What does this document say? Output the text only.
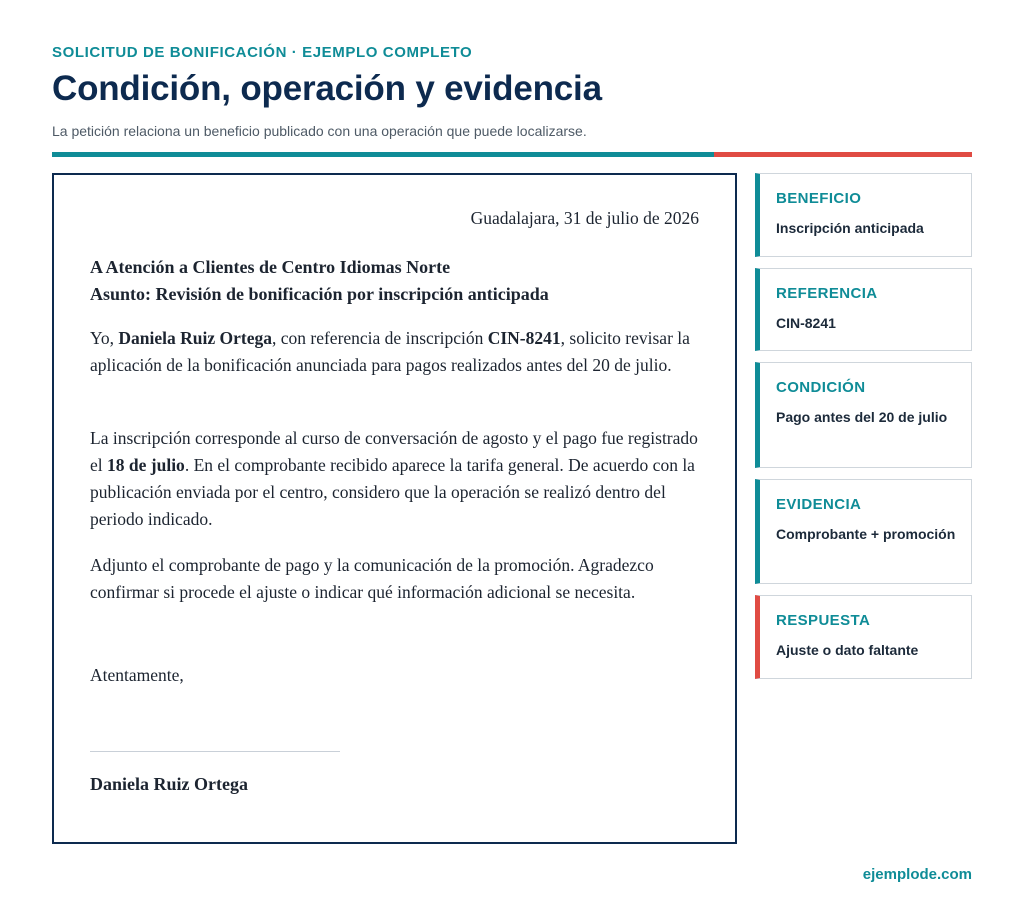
SOLICITUD DE BONIFICACIÓN · EJEMPLO COMPLETO
Condición, operación y evidencia
La petición relaciona un beneficio publicado con una operación que puede localizarse.
Guadalajara, 31 de julio de 2026
A Atención a Clientes de Centro Idiomas Norte
Asunto: Revisión de bonificación por inscripción anticipada
Yo, Daniela Ruiz Ortega, con referencia de inscripción CIN-8241, solicito revisar la aplicación de la bonificación anunciada para pagos realizados antes del 20 de julio.
La inscripción corresponde al curso de conversación de agosto y el pago fue registrado el 18 de julio. En el comprobante recibido aparece la tarifa general. De acuerdo con la publicación enviada por el centro, considero que la operación se realizó dentro del periodo indicado.
Adjunto el comprobante de pago y la comunicación de la promoción. Agradezco confirmar si procede el ajuste o indicar qué información adicional se necesita.
Atentamente,
Daniela Ruiz Ortega
BENEFICIO
Inscripción anticipada
REFERENCIA
CIN-8241
CONDICIÓN
Pago antes del 20 de julio
EVIDENCIA
Comprobante + promoción
RESPUESTA
Ajuste o dato faltante
ejemplode.com
